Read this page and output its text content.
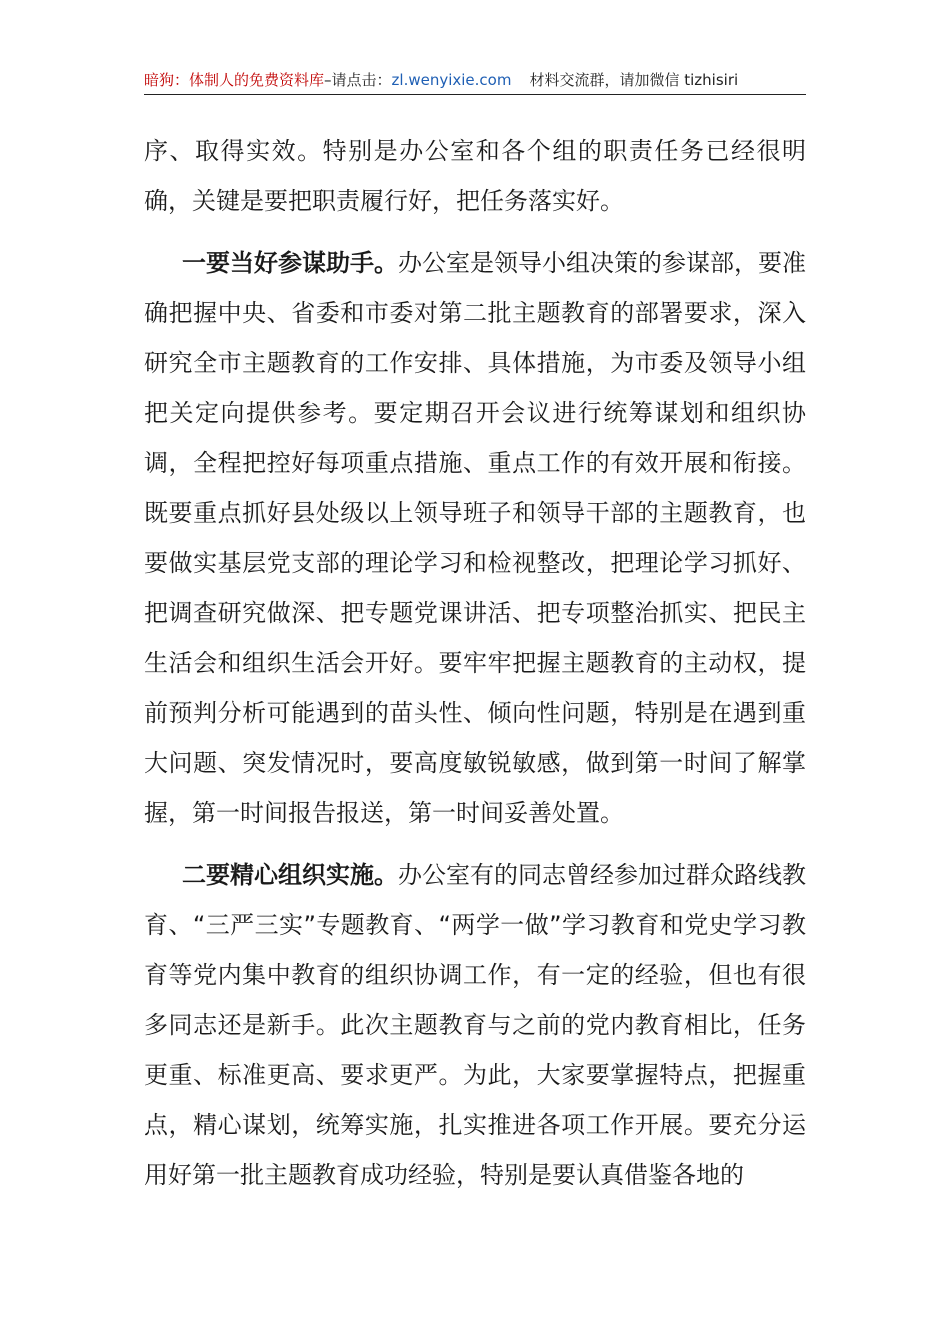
暗狗：体制人的免费资料库–请点击：zl.wenyixie.com 材料交流群，请加微信 tizhisiri

序、取得实效。特别是办公室和各个组的职责任务已经很明确，关键是要把职责履行好，把任务落实好。

一要当好参谋助手。办公室是领导小组决策的参谋部，要准确把握中央、省委和市委对第二批主题教育的部署要求，深入研究全市主题教育的工作安排、具体措施，为市委及领导小组把关定向提供参考。要定期召开会议进行统筹谋划和组织协调，全程把控好每项重点措施、重点工作的有效开展和衔接。既要重点抓好县处级以上领导班子和领导干部的主题教育，也要做实基层党支部的理论学习和检视整改，把理论学习抓好、把调查研究做深、把专题党课讲活、把专项整治抓实、把民主生活会和组织生活会开好。要牢牢把握主题教育的主动权，提前预判分析可能遇到的苗头性、倾向性问题，特别是在遇到重大问题、突发情况时，要高度敏锐敏感，做到第一时间了解掌握，第一时间报告报送，第一时间妥善处置。

二要精心组织实施。办公室有的同志曾经参加过群众路线教育、“三严三实”专题教育、“两学一做”学习教育和党史学习教育等党内集中教育的组织协调工作，有一定的经验，但也有很多同志还是新手。此次主题教育与之前的党内教育相比，任务更重、标准更高、要求更严。为此，大家要掌握特点，把握重点，精心谋划，统筹实施，扎实推进各项工作开展。要充分运用好第一批主题教育成功经验，特别是要认真借鉴各地的
